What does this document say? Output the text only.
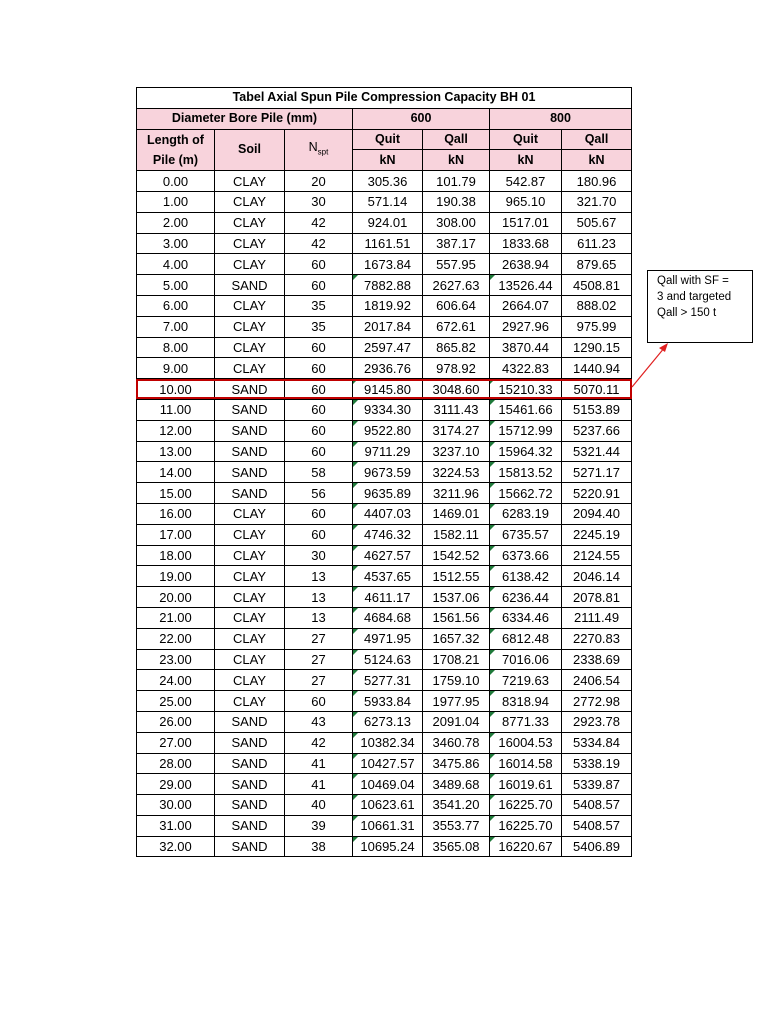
Tabel Axial Spun Pile Compression Capacity BH 01						
Diameter Bore Pile (mm)			600		800	

Length of
Pile (m)	Soil	$N_{spt}$	Quit	Qall	Quit	Qall
			kN	kN	kN	kN
0.00	CLAY	20	305.36	101.79	542.87	180.96
1.00	CLAY	30	571.14	190.38	965.10	321.70
2.00	CLAY	42	924.01	308.00	1517.01	505.67
3.00	CLAY	42	1161.51	387.17	1833.68	611.23
4.00	CLAY	60	1673.84	557.95	2638.94	879.65
5.00	SAND	60	7882.88	2627.63	13526.44	4508.81
6.00	CLAY	35	1819.92	606.64	2664.07	888.02
7.00	CLAY	35	2017.84	672.61	2927.96	975.99
8.00	CLAY	60	2597.47	865.82	3870.44	1290.15
9.00	CLAY	60	2936.76	978.92	4322.83	1440.94
10.00	SAND	60	9145.80	3048.60	15210.33	5070.11
11.00	SAND	60	9334.30	3111.43	15461.66	5153.89
12.00	SAND	60	9522.80	3174.27	15712.99	5237.66
13.00	SAND	60	9711.29	3237.10	15964.32	5321.44
14.00	SAND	58	9673.59	3224.53	15813.52	5271.17
15.00	SAND	56	9635.89	3211.96	15662.72	5220.91
16.00	CLAY	60	4407.03	1469.01	6283.19	2094.40
17.00	CLAY	60	4746.32	1582.11	6735.57	2245.19
18.00	CLAY	30	4627.57	1542.52	6373.66	2124.55
19.00	CLAY	13	4537.65	1512.55	6138.42	2046.14
20.00	CLAY	13	4611.17	1537.06	6236.44	2078.81
21.00	CLAY	13	4684.68	1561.56	6334.46	2111.49
22.00	CLAY	27	4971.95	1657.32	6812.48	2270.83
23.00	CLAY	27	5124.63	1708.21	7016.06	2338.69
24.00	CLAY	27	5277.31	1759.10	7219.63	2406.54
25.00	CLAY	60	5933.84	1977.95	8318.94	2772.98
26.00	SAND	43	6273.13	2091.04	8771.33	2923.78
27.00	SAND	42	10382.34	3460.78	16004.53	5334.84
28.00	SAND	41	10427.57	3475.86	16014.58	5338.19
29.00	SAND	41	10469.04	3489.68	16019.61	5339.87
30.00	SAND	40	10623.61	3541.20	16225.70	5408.57
31.00	SAND	39	10661.31	3553.77	16225.70	5408.57
32.00	SAND	38	10695.24	3565.08	16220.67	5406.89
Qall with SF =
3 and targeted
Qall > 150 t
